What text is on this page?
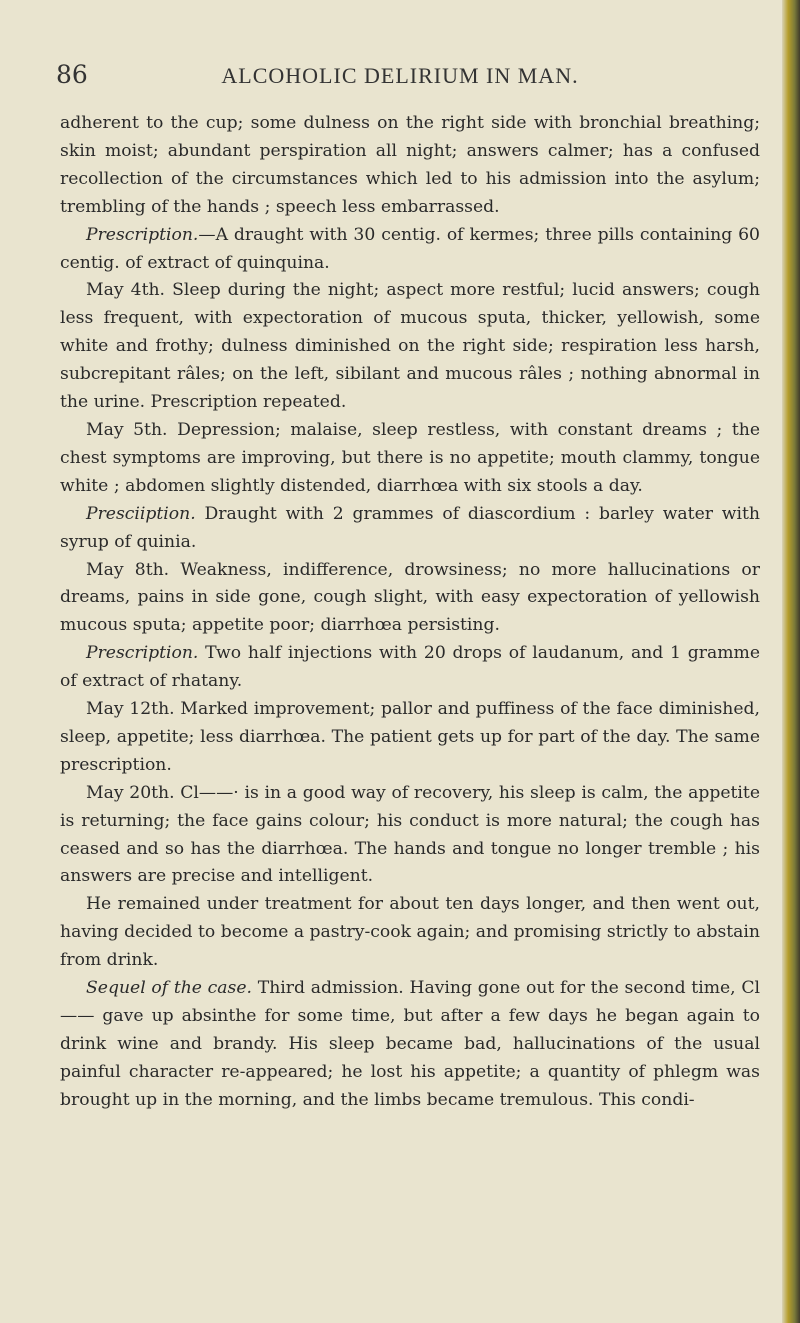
86	ALCOHOLIC DELIRIUM IN MAN.

adherent to the cup; some dulness on the right side with bronchial breathing; skin moist; abundant perspiration all night; answers calmer; has a confused recollection of the circumstances which led to his admission into the asylum; trembling of the hands ; speech less embarrassed.

Prescription.—A draught with 30 centig. of kermes; three pills containing 60 centig. of extract of quinquina.

May 4th. Sleep during the night; aspect more restful; lucid answers; cough less frequent, with expectoration of mucous sputa, thicker, yellowish, some white and frothy; dulness diminished on the right side; respiration less harsh, subcrepitant râles; on the left, sibilant and mucous râles ; nothing abnormal in the urine. Prescription repeated.

May 5th. Depression; malaise, sleep restless, with constant dreams ; the chest symptoms are improving, but there is no appetite; mouth clammy, tongue white ; abdomen slightly distended, diarrhœa with six stools a day.

Presciiption. Draught with 2 grammes of diascordium : barley water with syrup of quinia.

May 8th. Weakness, indifference, drowsiness; no more hallucinations or dreams, pains in side gone, cough slight, with easy expectoration of yellowish mucous sputa; appetite poor; diarrhœa persisting.

Prescription. Two half injections with 20 drops of laudanum, and 1 gramme of extract of rhatany.

May 12th. Marked improvement; pallor and puffiness of the face diminished, sleep, appetite; less diarrhœa. The patient gets up for part of the day. The same prescription.

May 20th. Cl——· is in a good way of recovery, his sleep is calm, the appetite is returning; the face gains colour; his conduct is more natural; the cough has ceased and so has the diarrhœa. The hands and tongue no longer tremble ; his answers are precise and intelligent.

He remained under treatment for about ten days longer, and then went out, having decided to become a pastry-cook again; and promising strictly to abstain from drink.

Sequel of the case. Third admission. Having gone out for the second time, Cl—— gave up absinthe for some time, but after a few days he began again to drink wine and brandy. His sleep became bad, hallucinations of the usual painful character re-appeared; he lost his appetite; a quantity of phlegm was brought up in the morning, and the limbs became tremulous. This condi-
